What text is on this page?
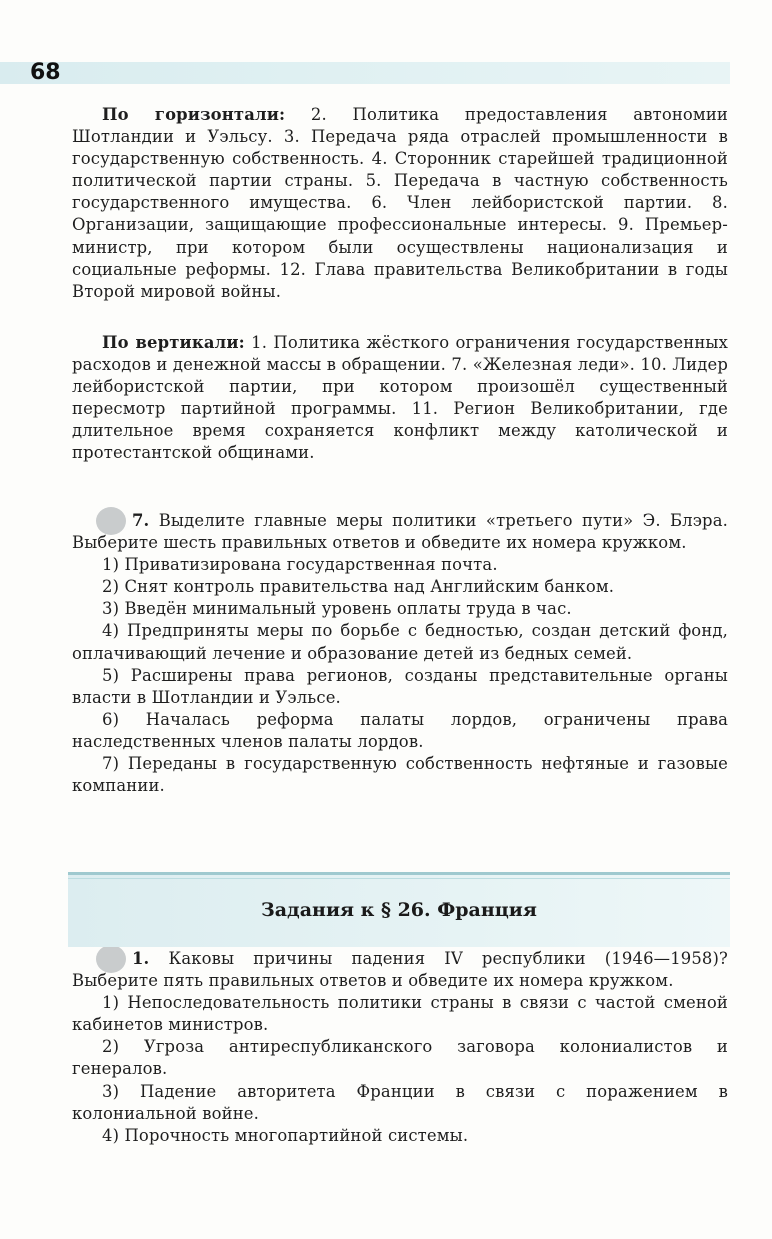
68

По горизонтали: 2. Политика предоставления автономии Шотландии и Уэльсу. 3. Передача ряда отраслей промышленности в государственную собственность. 4. Сторонник старейшей традиционной политической партии страны. 5. Передача в частную собственность государственного имущества. 6. Член лейбористской партии. 8. Организации, защищающие профессиональные интересы. 9. Премьер-министр, при котором были осуществлены национализация и социальные реформы. 12. Глава правительства Великобритании в годы Второй мировой войны.

По вертикали: 1. Политика жёсткого ограничения государственных расходов и денежной массы в обращении. 7. «Железная леди». 10. Лидер лейбористской партии, при котором произошёл существенный пересмотр партийной программы. 11. Регион Великобритании, где длительное время сохраняется конфликт между католической и протестантской общинами.

7. Выделите главные меры политики «третьего пути» Э. Блэра. Выберите шесть правильных ответов и обведите их номера кружком.

1) Приватизирована государственная почта.

2) Снят контроль правительства над Английским банком.

3) Введён минимальный уровень оплаты труда в час.

4) Предприняты меры по борьбе с бедностью, создан детский фонд, оплачивающий лечение и образование детей из бедных семей.

5) Расширены права регионов, созданы представительные органы власти в Шотландии и Уэльсе.

6) Началась реформа палаты лордов, ограничены права наследственных членов палаты лордов.

7) Переданы в государственную собственность нефтяные и газовые компании.

Задания к § 26. Франция

1. Каковы причины падения IV республики (1946—1958)? Выберите пять правильных ответов и обведите их номера кружком.

1) Непоследовательность политики страны в связи с частой сменой кабинетов министров.

2) Угроза антиреспубликанского заговора колониалистов и генералов.

3) Падение авторитета Франции в связи с поражением в колониальной войне.

4) Порочность многопартийной системы.
